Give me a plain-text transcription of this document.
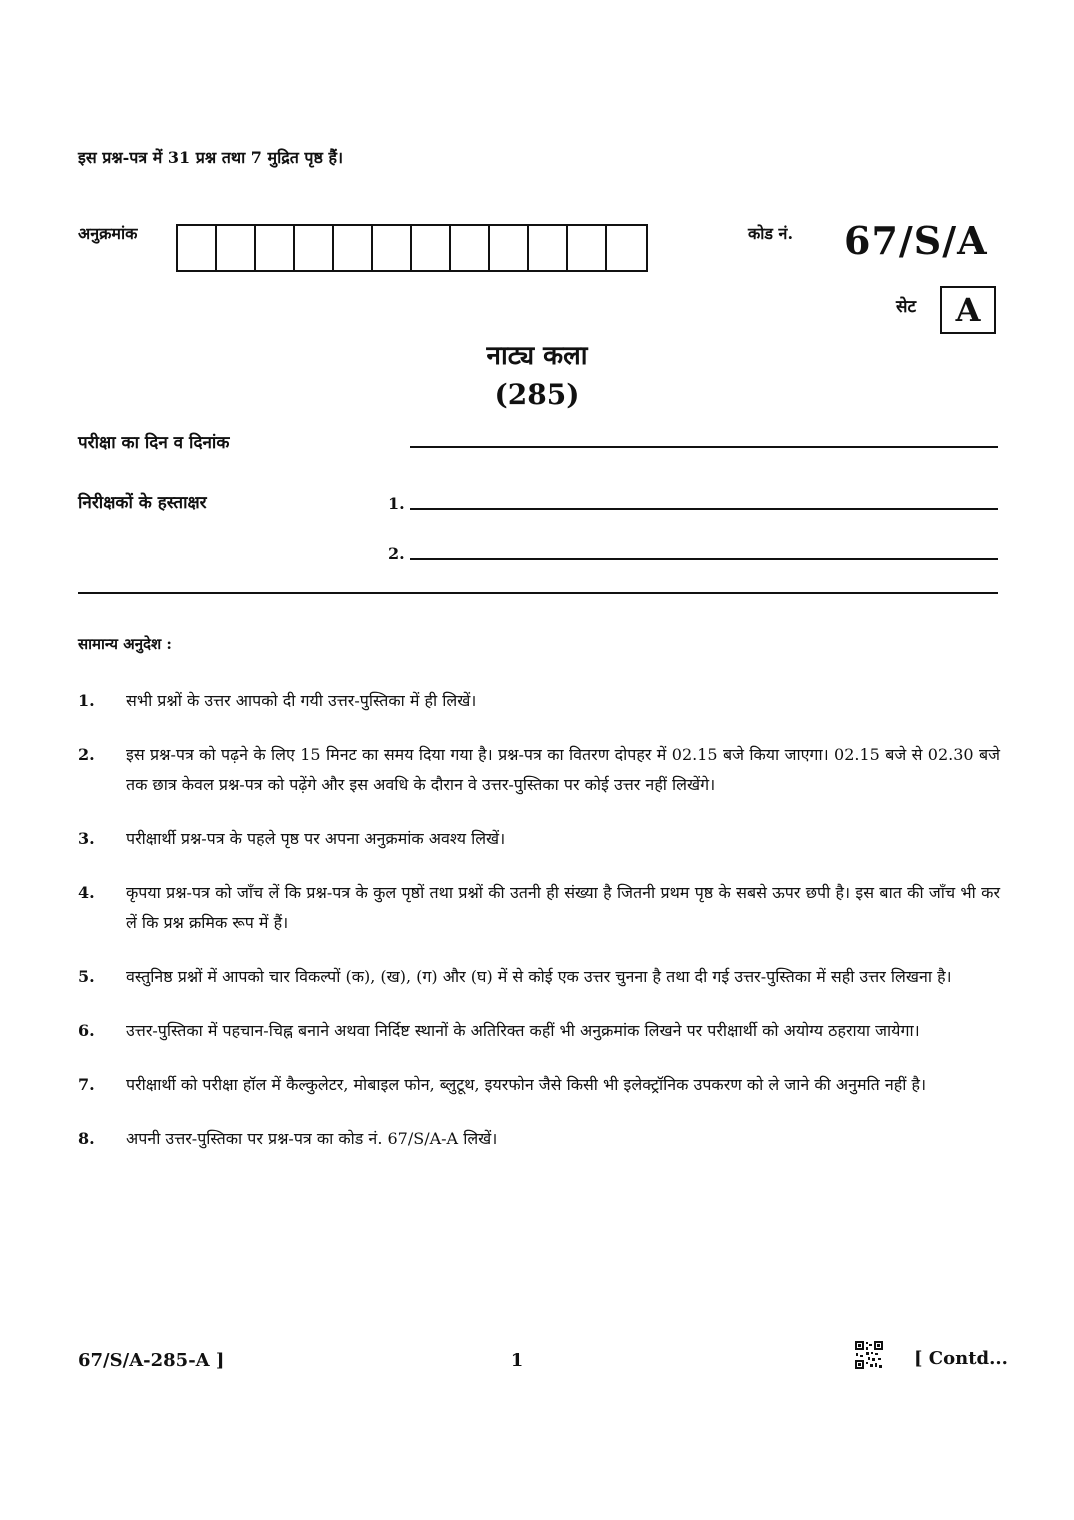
इस प्रश्न-पत्र में 31 प्रश्न तथा 7 मुद्रित पृष्ठ हैं।
अनुक्रमांक	कोड नं. 67/S/A
सेट	A
नाट्य कला
(285)
परीक्षा का दिन व दिनांक
निरीक्षकों के हस्ताक्षर	1.
2.
सामान्य अनुदेश :
1.	सभी प्रश्नों के उत्तर आपको दी गयी उत्तर-पुस्तिका में ही लिखें।
2.	इस प्रश्न-पत्र को पढ़ने के लिए 15 मिनट का समय दिया गया है। प्रश्न-पत्र का वितरण दोपहर में 02.15 बजे किया जाएगा। 02.15 बजे से 02.30 बजे तक छात्र केवल प्रश्न-पत्र को पढ़ेंगे और इस अवधि के दौरान वे उत्तर-पुस्तिका पर कोई उत्तर नहीं लिखेंगे।
3.	परीक्षार्थी प्रश्न-पत्र के पहले पृष्ठ पर अपना अनुक्रमांक अवश्य लिखें।
4.	कृपया प्रश्न-पत्र को जाँच लें कि प्रश्न-पत्र के कुल पृष्ठों तथा प्रश्नों की उतनी ही संख्या है जितनी प्रथम पृष्ठ के सबसे ऊपर छपी है। इस बात की जाँच भी कर लें कि प्रश्न क्रमिक रूप में हैं।
5.	वस्तुनिष्ठ प्रश्नों में आपको चार विकल्पों (क), (ख), (ग) और (घ) में से कोई एक उत्तर चुनना है तथा दी गई उत्तर-पुस्तिका में सही उत्तर लिखना है।
6.	उत्तर-पुस्तिका में पहचान-चिह्न बनाने अथवा निर्दिष्ट स्थानों के अतिरिक्त कहीं भी अनुक्रमांक लिखने पर परीक्षार्थी को अयोग्य ठहराया जायेगा।
7.	परीक्षार्थी को परीक्षा हॉल में कैल्कुलेटर, मोबाइल फोन, ब्लुटूथ, इयरफोन जैसे किसी भी इलेक्ट्रॉनिक उपकरण को ले जाने की अनुमति नहीं है।
8.	अपनी उत्तर-पुस्तिका पर प्रश्न-पत्र का कोड नं. 67/S/A-A लिखें।
67/S/A-285-A ]	1	[ Contd...
